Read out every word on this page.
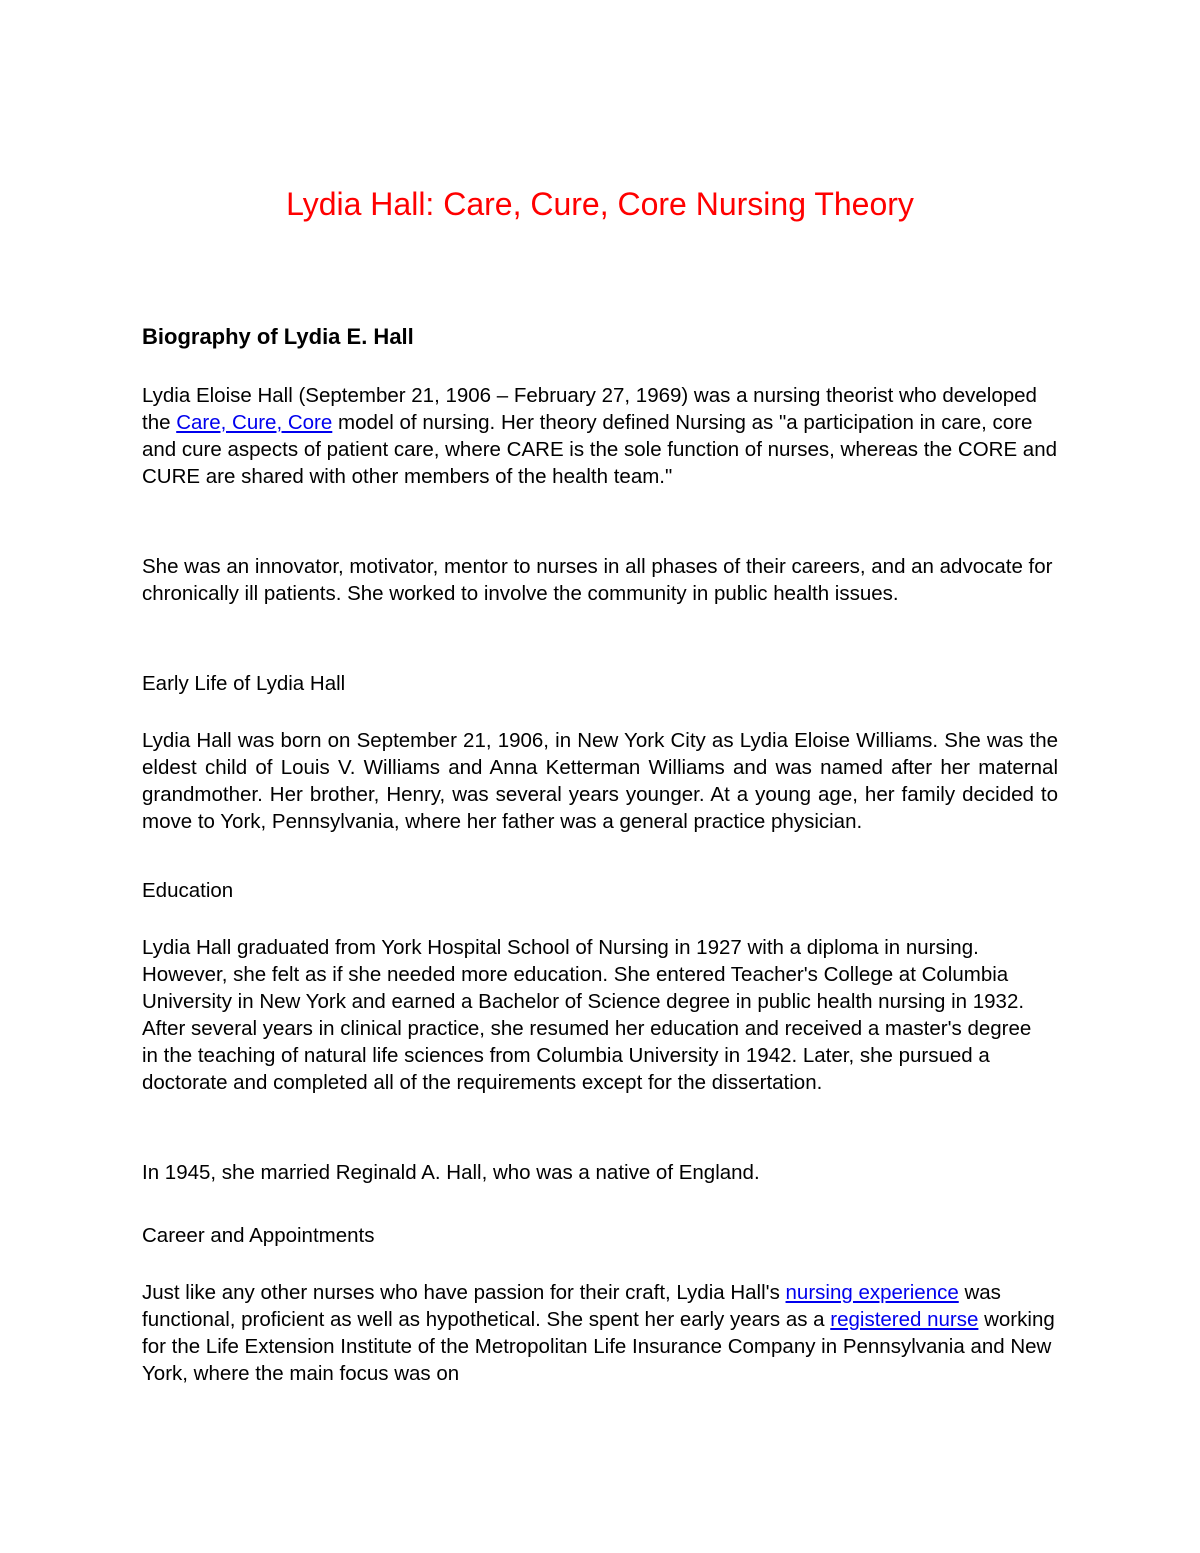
Lydia Hall: Care, Cure, Core Nursing Theory

Biography of Lydia E. Hall

Lydia Eloise Hall (September 21, 1906 – February 27, 1969) was a nursing theorist who developed the Care, Cure, Core model of nursing. Her theory defined Nursing as "a participation in care, core and cure aspects of patient care, where CARE is the sole function of nurses, whereas the CORE and CURE are shared with other members of the health team."

She was an innovator, motivator, mentor to nurses in all phases of their careers, and an advocate for chronically ill patients. She worked to involve the community in public health issues.

Early Life of Lydia Hall

Lydia Hall was born on September 21, 1906, in New York City as Lydia Eloise Williams. She was the eldest child of Louis V. Williams and Anna Ketterman Williams and was named after her maternal grandmother. Her brother, Henry, was several years younger. At a young age, her family decided to move to York, Pennsylvania, where her father was a general practice physician.

Education

Lydia Hall graduated from York Hospital School of Nursing in 1927 with a diploma in nursing. However, she felt as if she needed more education. She entered Teacher's College at Columbia University in New York and earned a Bachelor of Science degree in public health nursing in 1932. After several years in clinical practice, she resumed her education and received a master's degree in the teaching of natural life sciences from Columbia University in 1942. Later, she pursued a doctorate and completed all of the requirements except for the dissertation.

In 1945, she married Reginald A. Hall, who was a native of England.

Career and Appointments

Just like any other nurses who have passion for their craft, Lydia Hall's nursing experience was functional, proficient as well as hypothetical. She spent her early years as a registered nurse working for the Life Extension Institute of the Metropolitan Life Insurance Company in Pennsylvania and New York, where the main focus was on
